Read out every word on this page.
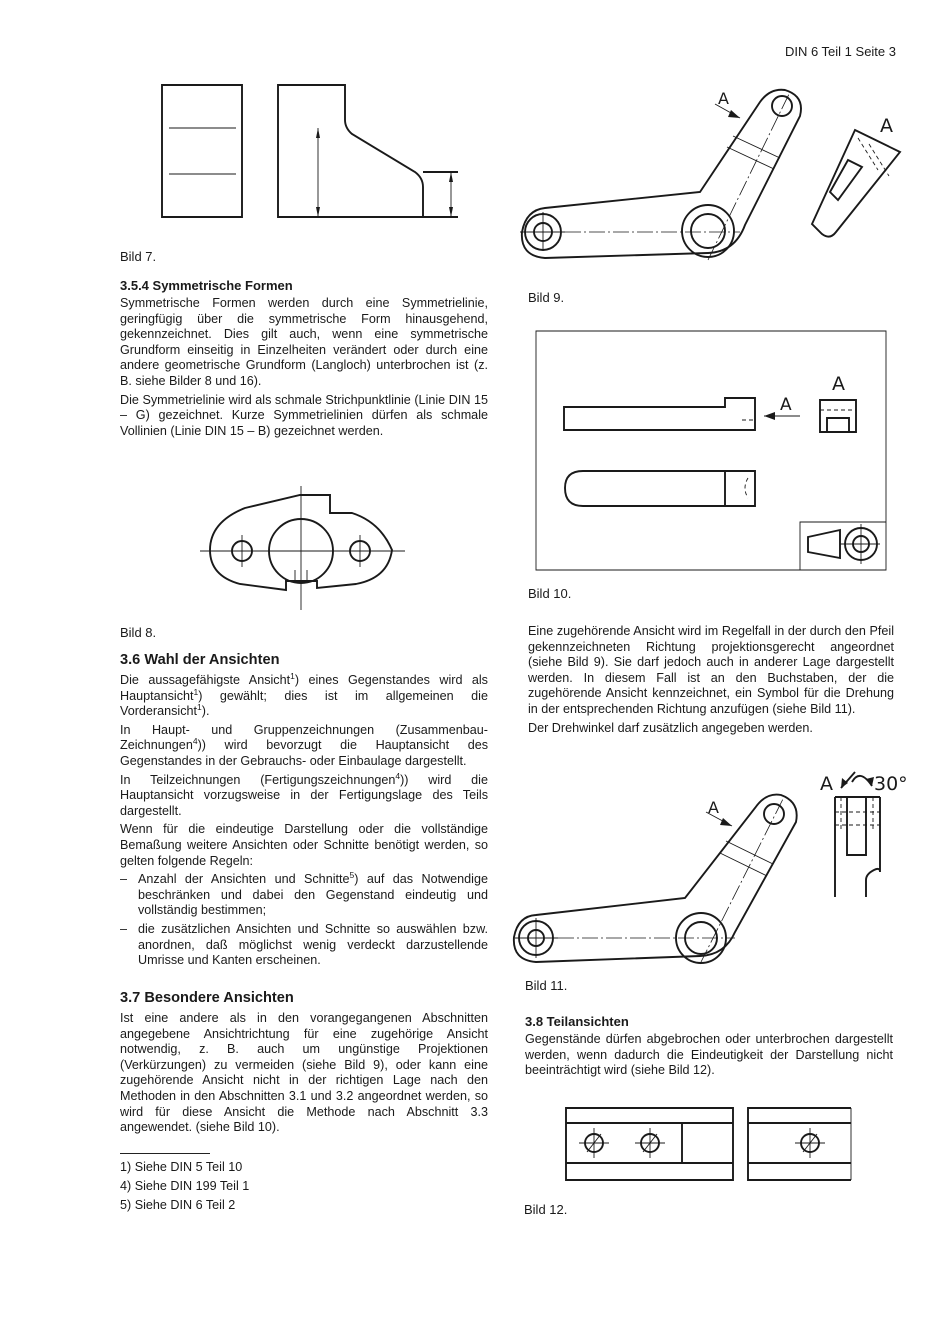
DIN 6 Teil 1 Seite 3
Bild 7.
3.5.4 Symmetrische Formen

Symmetrische Formen werden durch eine Symmetrielinie, geringfügig über die symmetrische Form hinausgehend, gekennzeichnet. Dies gilt auch, wenn eine symmetrische Grundform einseitig in Einzelheiten verändert oder durch eine andere geometrische Grundform (Langloch) unterbrochen ist (z. B. siehe Bilder 8 und 16).

Die Symmetrielinie wird als schmale Strichpunktlinie (Linie DIN 15 – G) gezeichnet. Kurze Symmetrielinien dürfen als schmale Vollinien (Linie DIN 15 – B) gezeichnet werden.

Bild 8.
3.6 Wahl der Ansichten

Die aussagefähigste Ansicht$^1$) eines Gegenstandes wird als Hauptansicht$^1$) gewählt; dies ist im allgemeinen die Vorderansicht$^1$).

In Haupt- und Gruppenzeichnungen (Zusammenbau-Zeichnungen$^4$)) wird bevorzugt die Hauptansicht des Gegenstandes in der Gebrauchs- oder Einbaulage dargestellt.

In Teilzeichnungen (Fertigungszeichnungen$^4$)) wird die Hauptansicht vorzugsweise in der Fertigungslage des Teils dargestellt.

Wenn für die eindeutige Darstellung oder die vollständige Bemaßung weitere Ansichten oder Schnitte benötigt werden, so gelten folgende Regeln:

– Anzahl der Ansichten und Schnitte$^5$) auf das Notwendige beschränken und dabei den Gegenstand eindeutig und vollständig bestimmen;
– die zusätzlichen Ansichten und Schnitte so auswählen bzw. anordnen, daß möglichst wenig verdeckt darzustellende Umrisse und Kanten erscheinen.
3.7 Besondere Ansichten

Ist eine andere als in den vorangegangenen Abschnitten angegebene Ansichtrichtung für eine zugehörige Ansicht notwendig, z. B. auch um ungünstige Projektionen (Verkürzungen) zu vermeiden (siehe Bild 9), oder kann eine zugehörende Ansicht nicht in der richtigen Lage nach den Methoden in den Abschnitten 3.1 und 3.2 angeordnet werden, so wird für diese Ansicht die Methode nach Abschnitt 3.3 angewendet. (siehe Bild 10).

1) Siehe DIN 5 Teil 10
4) Siehe DIN 199 Teil 1
5) Siehe DIN 6 Teil 2
A
A
Bild 9.
A
A
Bild 10.

Eine zugehörende Ansicht wird im Regelfall in der durch den Pfeil gekennzeichneten Richtung projektionsgerecht angeordnet (siehe Bild 9). Sie darf jedoch auch in anderer Lage dargestellt werden. In diesem Fall ist an den Buchstaben, der die zugehörende Ansicht kennzeichnet, ein Symbol für die Drehung in der entsprechenden Richtung anzufügen (siehe Bild 11).

Der Drehwinkel darf zusätzlich angegeben werden.

A
A 30°
Bild 11.
3.8 Teilansichten

Gegenstände dürfen abgebrochen oder unterbrochen dargestellt werden, wenn dadurch die Eindeutigkeit der Darstellung nicht beeinträchtigt wird (siehe Bild 12).

Bild 12.
